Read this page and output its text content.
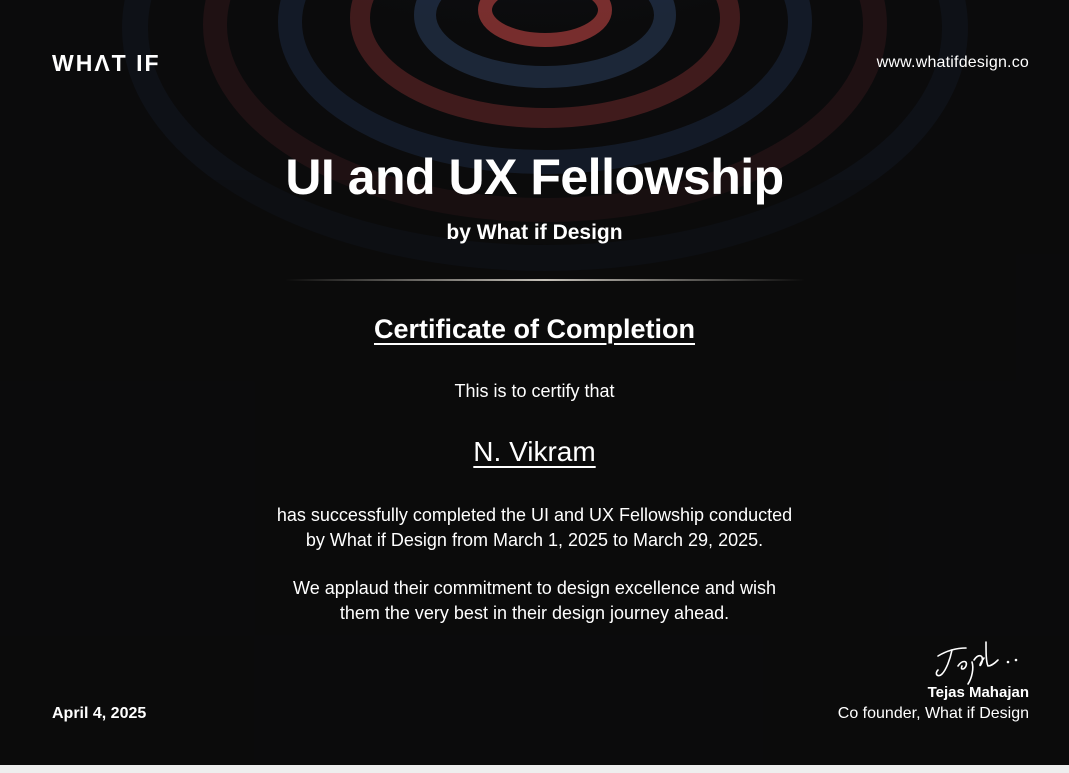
WHΛT IF	www.whatifdesign.co
UI and UX Fellowship
by What if Design
Certificate of Completion
This is to certify that
N. Vikram
has successfully completed the UI and UX Fellowship conducted
by What if Design from March 1, 2025 to March 29, 2025.
We applaud their commitment to design excellence and wish
them the very best in their design journey ahead.
April 4, 2025
Tejas Mahajan
Co founder, What if Design
